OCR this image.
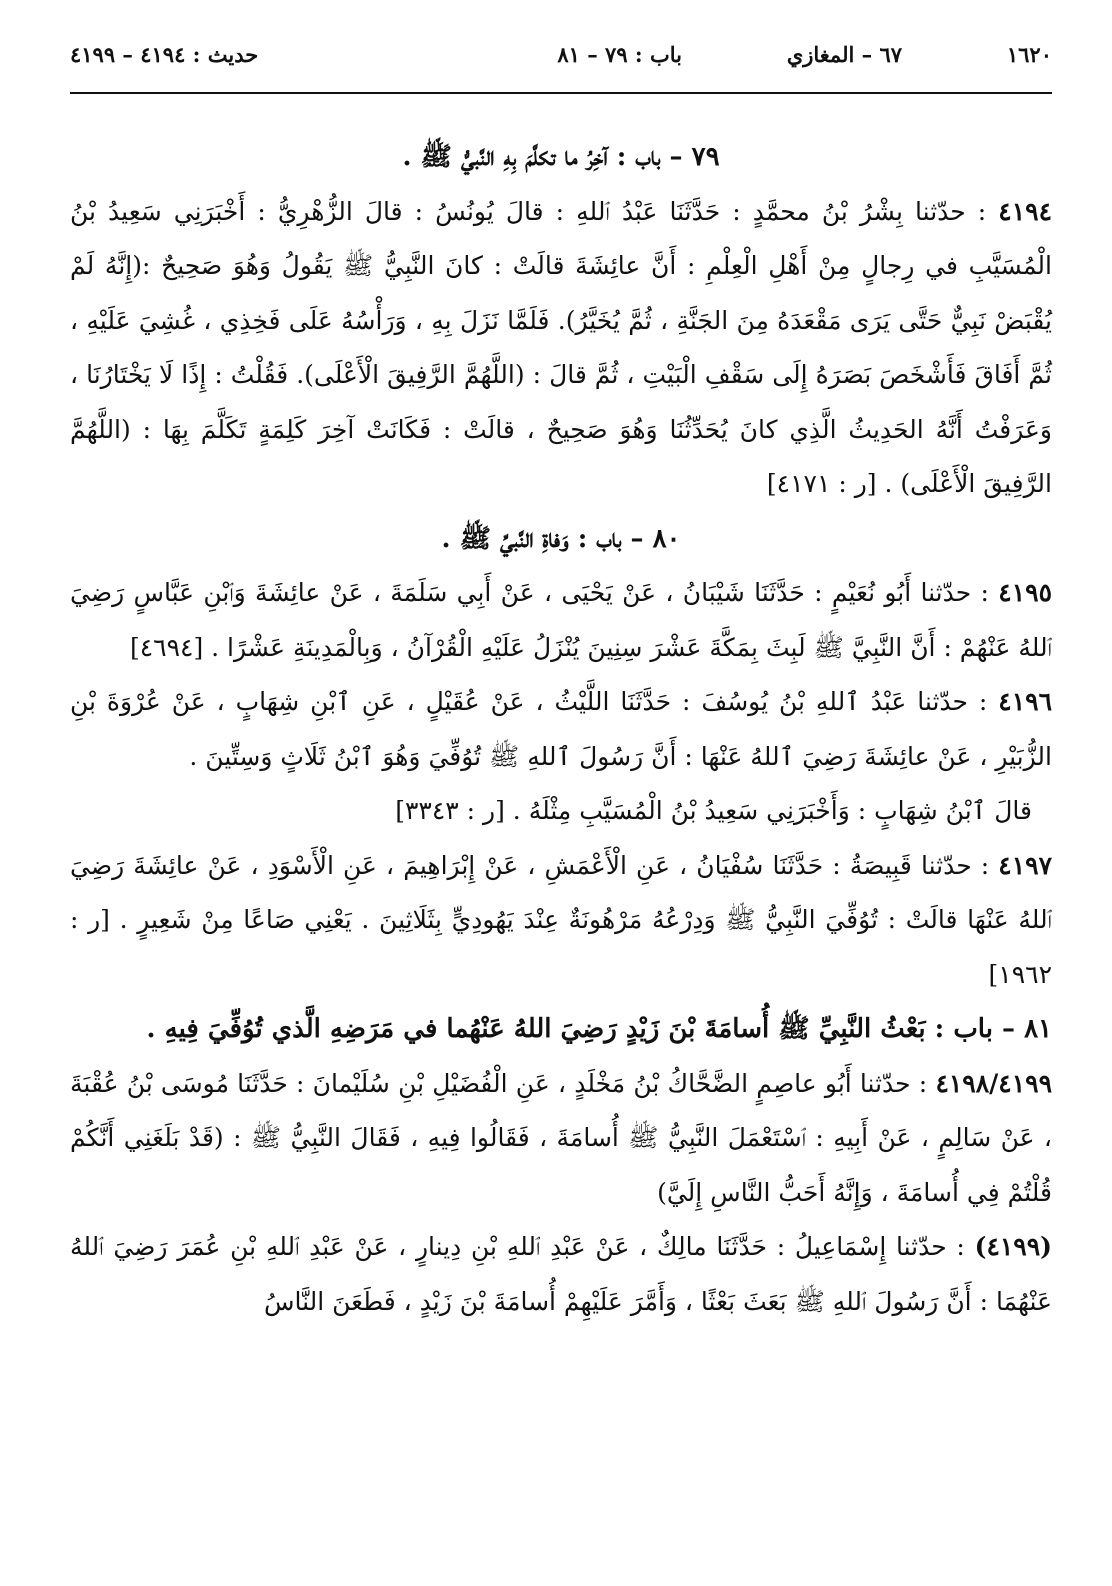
١٦٢٠
٦٧ – المغازي
باب : ٧٩ – ٨١
حديث : ٤١٩٤ – ٤١٩٩

٧٩ – باب : آخِرُ ما تكلَّمَ بِهِ النَّبيُّ ﷺ .

٤١٩٤ : حدّثنا بِشْرُ بْنُ محمَّدٍ : حَدَّثَنَا عَبْدُ ٱللهِ : قالَ يُونُسُ : قالَ الزُّهْرِيُّ : أَخْبَرَنِي سَعِيدُ بْنُ الْمُسَيَّبِ في رِجالٍ مِنْ أَهْلِ الْعِلْمِ : أَنَّ عائِشَةَ قالَتْ : كانَ النَّبِيُّ ﷺ يَقُولُ وَهُوَ صَحِيحٌ :(إِنَّهُ لَمْ يُقْبَضْ نَبِيٌّ حَتَّى يَرَى مَقْعَدَهُ مِنَ الجَنَّةِ ، ثُمَّ يُخَيَّرُ). فَلَمَّا نَزَلَ بِهِ ، وَرَأْسُهُ عَلَى فَخِذِي ، غُشِيَ عَلَيْهِ ، ثُمَّ أَفَاقَ فَأَشْخَصَ بَصَرَهُ إِلَى سَقْفِ الْبَيْتِ ، ثُمَّ قالَ : (اللَّهُمَّ الرَّفِيقَ الْأَعْلَى). فَقُلْتُ : إِذًا لَا يَخْتَارُنَا ، وَعَرَفْتُ أَنَّهُ الحَدِيثُ الَّذِي كانَ يُحَدِّثُنَا وَهُوَ صَحِيحٌ ، قالَتْ : فَكَانَتْ آخِرَ كَلِمَةٍ تَكَلَّمَ بِهَا : (اللَّهُمَّ الرَّفِيقَ الْأَعْلَى) . [ر : ٤١٧١]

٨٠ – باب : وَفاةِ النَّبيِّ ﷺ .

٤١٩٥ : حدّثنا أَبُو نُعَيْمٍ : حَدَّثَنَا شَيْبَانُ ، عَنْ يَحْيَى ، عَنْ أَبِي سَلَمَةَ ، عَنْ عائِشَةَ وَٱبْنِ عَبَّاسٍ رَضِيَ ٱللهُ عَنْهُمْ : أَنَّ النَّبِيَّ ﷺ لَبِثَ بِمَكَّةَ عَشْرَ سِنِينَ يُنْزَلُ عَلَيْهِ الْقُرْآنُ ، وَبِالْمَدِينَةِ عَشْرًا . [٤٦٩٤]

٤١٩٦ : حدّثنا عَبْدُ ٱللهِ بْنُ يُوسُفَ : حَدَّثَنَا اللَّيْثُ ، عَنْ عُقَيْلٍ ، عَنِ ٱبْنِ شِهَابٍ ، عَنْ عُرْوَةَ بْنِ الزُّبَيْرِ ، عَنْ عائِشَةَ رَضِيَ ٱللهُ عَنْهَا : أَنَّ رَسُولَ ٱللهِ ﷺ تُوُفِّيَ وَهُوَ ٱبْنُ ثَلَاثٍ وَسِتِّينَ .

قالَ ٱبْنُ شِهَابٍ : وَأَخْبَرَنِي سَعِيدُ بْنُ الْمُسَيَّبِ مِثْلَهُ . [ر : ٣٣٤٣]

٤١٩٧ : حدّثنا قَبِيصَةُ : حَدَّثَنَا سُفْيَانُ ، عَنِ الْأَعْمَشِ ، عَنْ إِبْرَاهِيمَ ، عَنِ الْأَسْوَدِ ، عَنْ عائِشَةَ رَضِيَ ٱللهُ عَنْهَا قالَتْ : تُوُفِّيَ النَّبِيُّ ﷺ وَدِرْعُهُ مَرْهُونَةٌ عِنْدَ يَهُودِيٍّ بِثَلَاثِينَ . يَعْنِي صَاعًا مِنْ شَعِيرٍ . [ر : ١٩٦٢]

٨١ – باب : بَعْثُ النَّبِيِّ ﷺ أُسامَةَ بْنَ زَيْدٍ رَضِيَ اللهُ عَنْهُما في مَرَضِهِ الَّذي تُوُفِّيَ فِيهِ .

٤١٩٨/٤١٩٩ : حدّثنا أَبُو عاصِمٍ الضَّحَّاكُ بْنُ مَخْلَدٍ ، عَنِ الْفُضَيْلِ بْنِ سُلَيْمانَ : حَدَّثَنَا مُوسَى بْنُ عُقْبَةَ ، عَنْ سَالِمٍ ، عَنْ أَبِيهِ : ٱسْتَعْمَلَ النَّبِيُّ ﷺ أُسامَةَ ، فَقَالُوا فِيهِ ، فَقَالَ النَّبِيُّ ﷺ : (قَدْ بَلَغَنِي أَنَّكُمْ قُلْتُمْ فِي أُسامَةَ ، وَإِنَّهُ أَحَبُّ النَّاسِ إِلَيَّ)

(٤١٩٩) : حدّثنا إِسْمَاعِيلُ : حَدَّثَنَا مالِكٌ ، عَنْ عَبْدِ ٱللهِ بْنِ دِينارٍ ، عَنْ عَبْدِ ٱللهِ بْنِ عُمَرَ رَضِيَ ٱللهُ عَنْهُمَا : أَنَّ رَسُولَ ٱللهِ ﷺ بَعَثَ بَعْثًا ، وَأَمَّرَ عَلَيْهِمْ أُسامَةَ بْنَ زَيْدٍ ، فَطَعَنَ النَّاسُ
